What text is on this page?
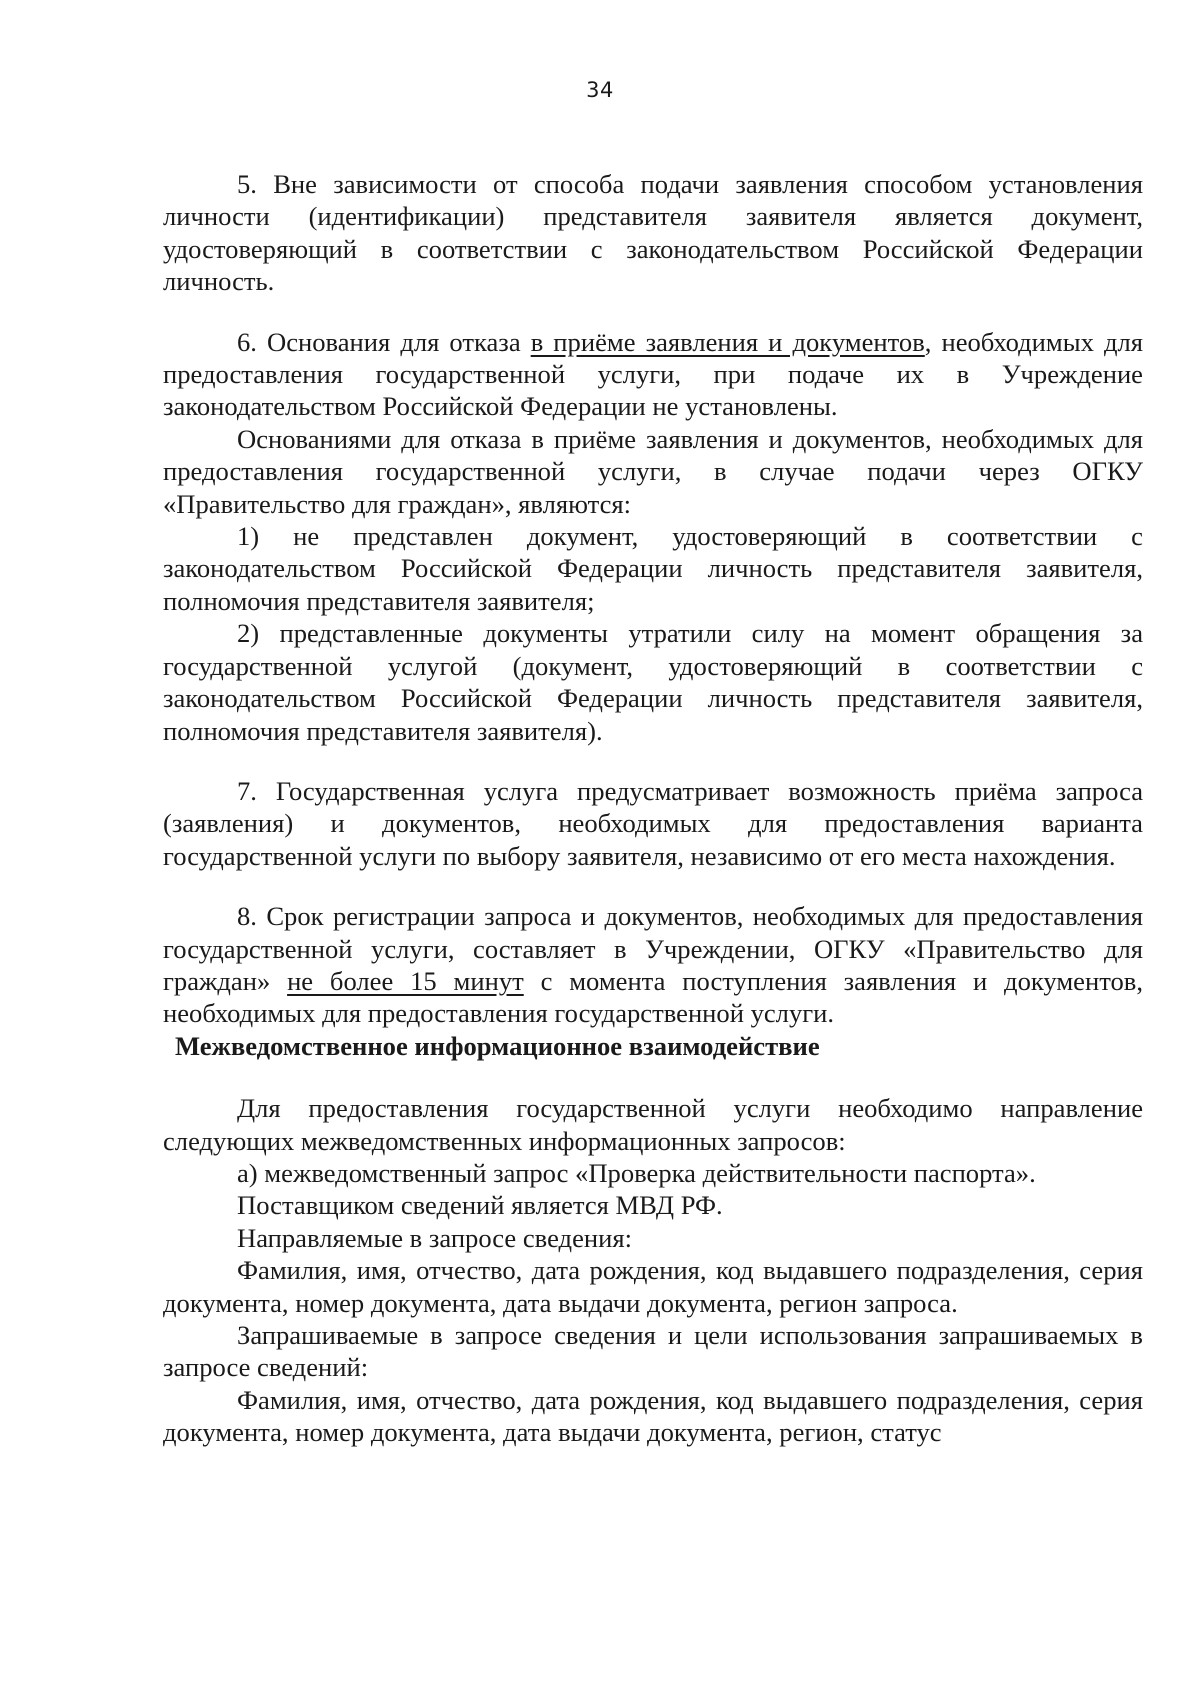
34

5. Вне зависимости от способа подачи заявления способом установления личности (идентификации) представителя заявителя является документ, удостоверяющий в соответствии с законодательством Российской Федерации личность.

6. Основания для отказа в приёме заявления и документов, необходимых для предоставления государственной услуги, при подаче их в Учреждение законодательством Российской Федерации не установлены.

Основаниями для отказа в приёме заявления и документов, необходимых для предоставления государственной услуги, в случае подачи через ОГКУ «Правительство для граждан», являются:

1) не представлен документ, удостоверяющий в соответствии с законодательством Российской Федерации личность представителя заявителя, полномочия представителя заявителя;

2) представленные документы утратили силу на момент обращения за государственной услугой (документ, удостоверяющий в соответствии с законодательством Российской Федерации личность представителя заявителя, полномочия представителя заявителя).

7. Государственная услуга предусматривает возможность приёма запроса (заявления) и документов, необходимых для предоставления варианта государственной услуги по выбору заявителя, независимо от его места нахождения.

8. Срок регистрации запроса и документов, необходимых для предоставления государственной услуги, составляет в Учреждении, ОГКУ «Правительство для граждан» не более 15 минут с момента поступления заявления и документов, необходимых для предоставления государственной услуги.

Межведомственное информационное взаимодействие

Для предоставления государственной услуги необходимо направление следующих межведомственных информационных запросов:

а) межведомственный запрос «Проверка действительности паспорта».

Поставщиком сведений является МВД РФ.

Направляемые в запросе сведения:

Фамилия, имя, отчество, дата рождения, код выдавшего подразделения, серия документа, номер документа, дата выдачи документа, регион запроса.

Запрашиваемые в запросе сведения и цели использования запрашиваемых в запросе сведений:

Фамилия, имя, отчество, дата рождения, код выдавшего подразделения, серия документа, номер документа, дата выдачи документа, регион, статус
